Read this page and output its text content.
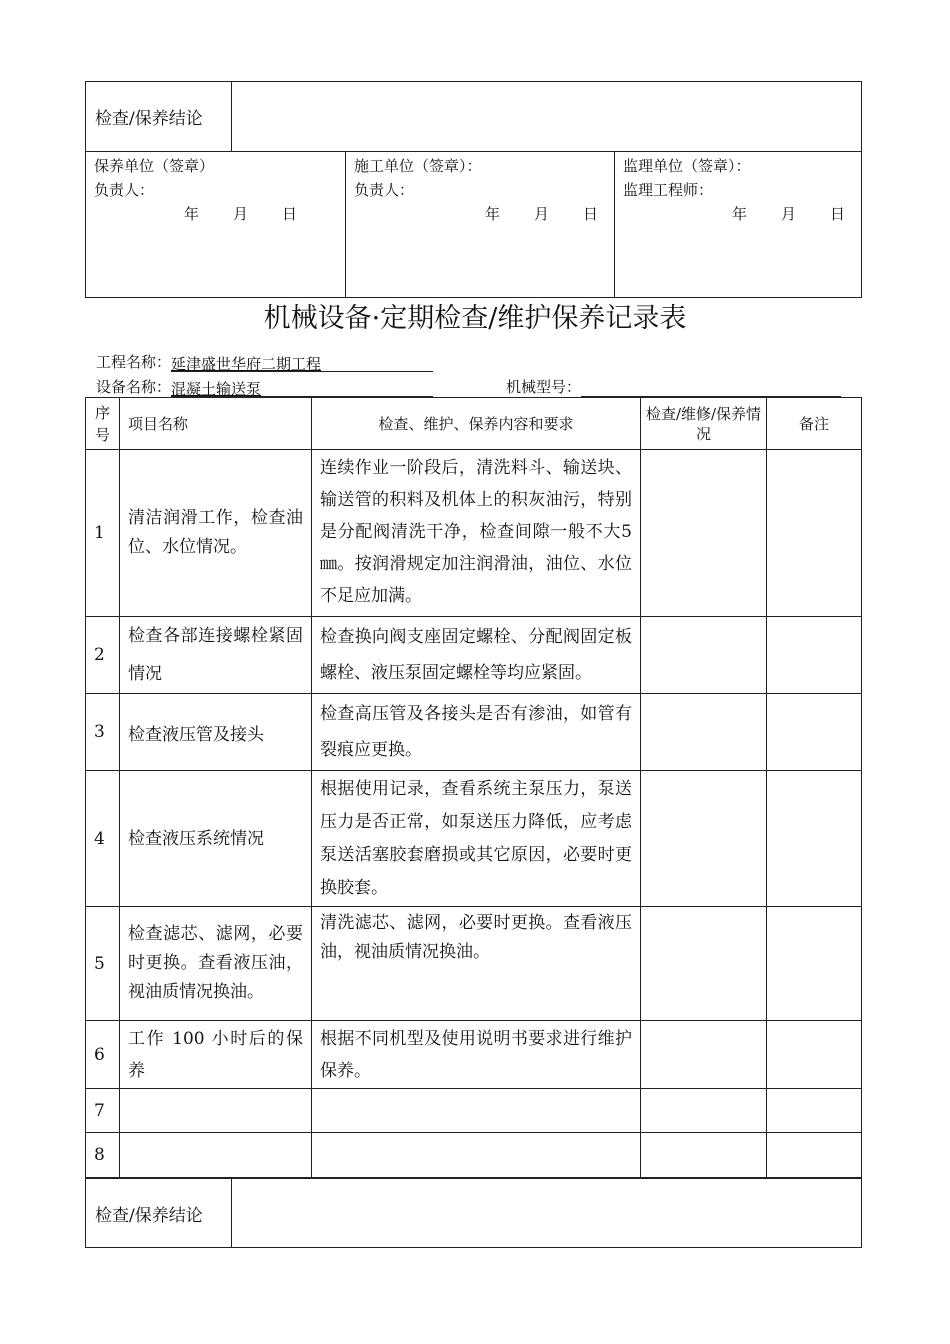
检查/保养结论	
保养单位（签章）
负责人：
年 月 日

施工单位（签章）：
负责人：
年 月 日

监理单位（签章）：
监理工程师：
年 月 日
机械设备·定期检查/维护保养记录表
工程名称：延津盛世华府二期工程
设备名称：混凝土输送泵	机械型号：
序号	项目名称	检查、维护、保养内容和要求	检查/维修/保养情况	备注
1	清洁润滑工作，检查油位、水位情况。	连续作业一阶段后，清洗料斗、输送块、输送管的积料及机体上的积灰油污，特别是分配阀清洗干净，检查间隙一般不大5㎜。按润滑规定加注润滑油，油位、水位不足应加满。		
2	检查各部连接螺栓紧固情况	检查换向阀支座固定螺栓、分配阀固定板螺栓、液压泵固定螺栓等均应紧固。		
3	检查液压管及接头	检查高压管及各接头是否有渗油，如管有裂痕应更换。		
4	检查液压系统情况	根据使用记录，查看系统主泵压力，泵送压力是否正常，如泵送压力降低，应考虑泵送活塞胶套磨损或其它原因，必要时更换胶套。		
5	检查滤芯、滤网，必要时更换。查看液压油，视油质情况换油。	清洗滤芯、滤网，必要时更换。查看液压油，视油质情况换油。		
6	工作 100 小时后的保养	根据不同机型及使用说明书要求进行维护保养。		
7				
8				
检查/保养结论	
